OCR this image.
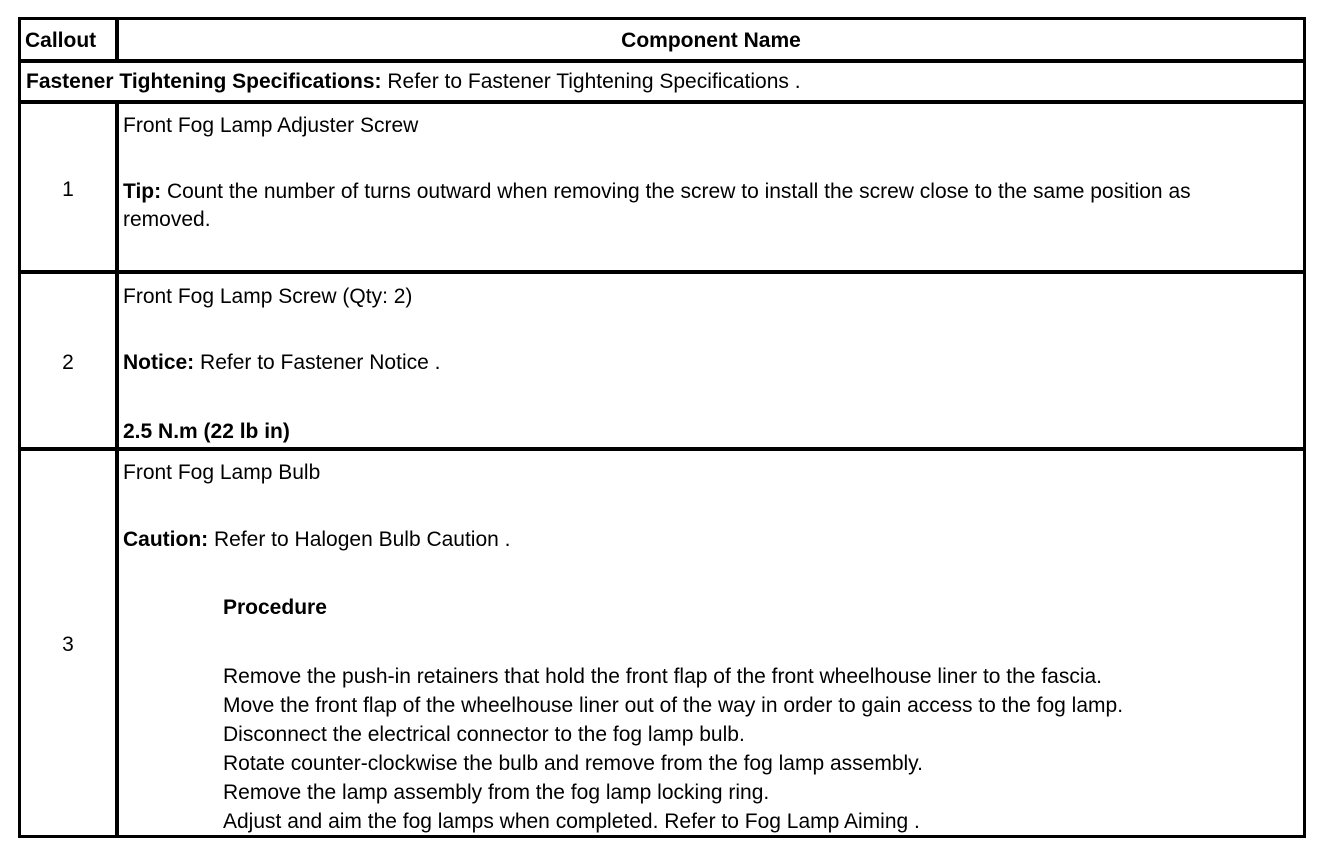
Callout	Component Name
Fastener Tightening Specifications: Refer to Fastener Tightening Specifications .
1
Front Fog Lamp Adjuster Screw
Tip: Count the number of turns outward when removing the screw to install the screw close to the same position as removed.
2
Front Fog Lamp Screw (Qty: 2)
Notice: Refer to Fastener Notice .
2.5 N.m (22 lb in)
3
Front Fog Lamp Bulb
Caution: Refer to Halogen Bulb Caution .
Procedure
Remove the push-in retainers that hold the front flap of the front wheelhouse liner to the fascia.
Move the front flap of the wheelhouse liner out of the way in order to gain access to the fog lamp.
Disconnect the electrical connector to the fog lamp bulb.
Rotate counter-clockwise the bulb and remove from the fog lamp assembly.
Remove the lamp assembly from the fog lamp locking ring.
Adjust and aim the fog lamps when completed. Refer to Fog Lamp Aiming .
